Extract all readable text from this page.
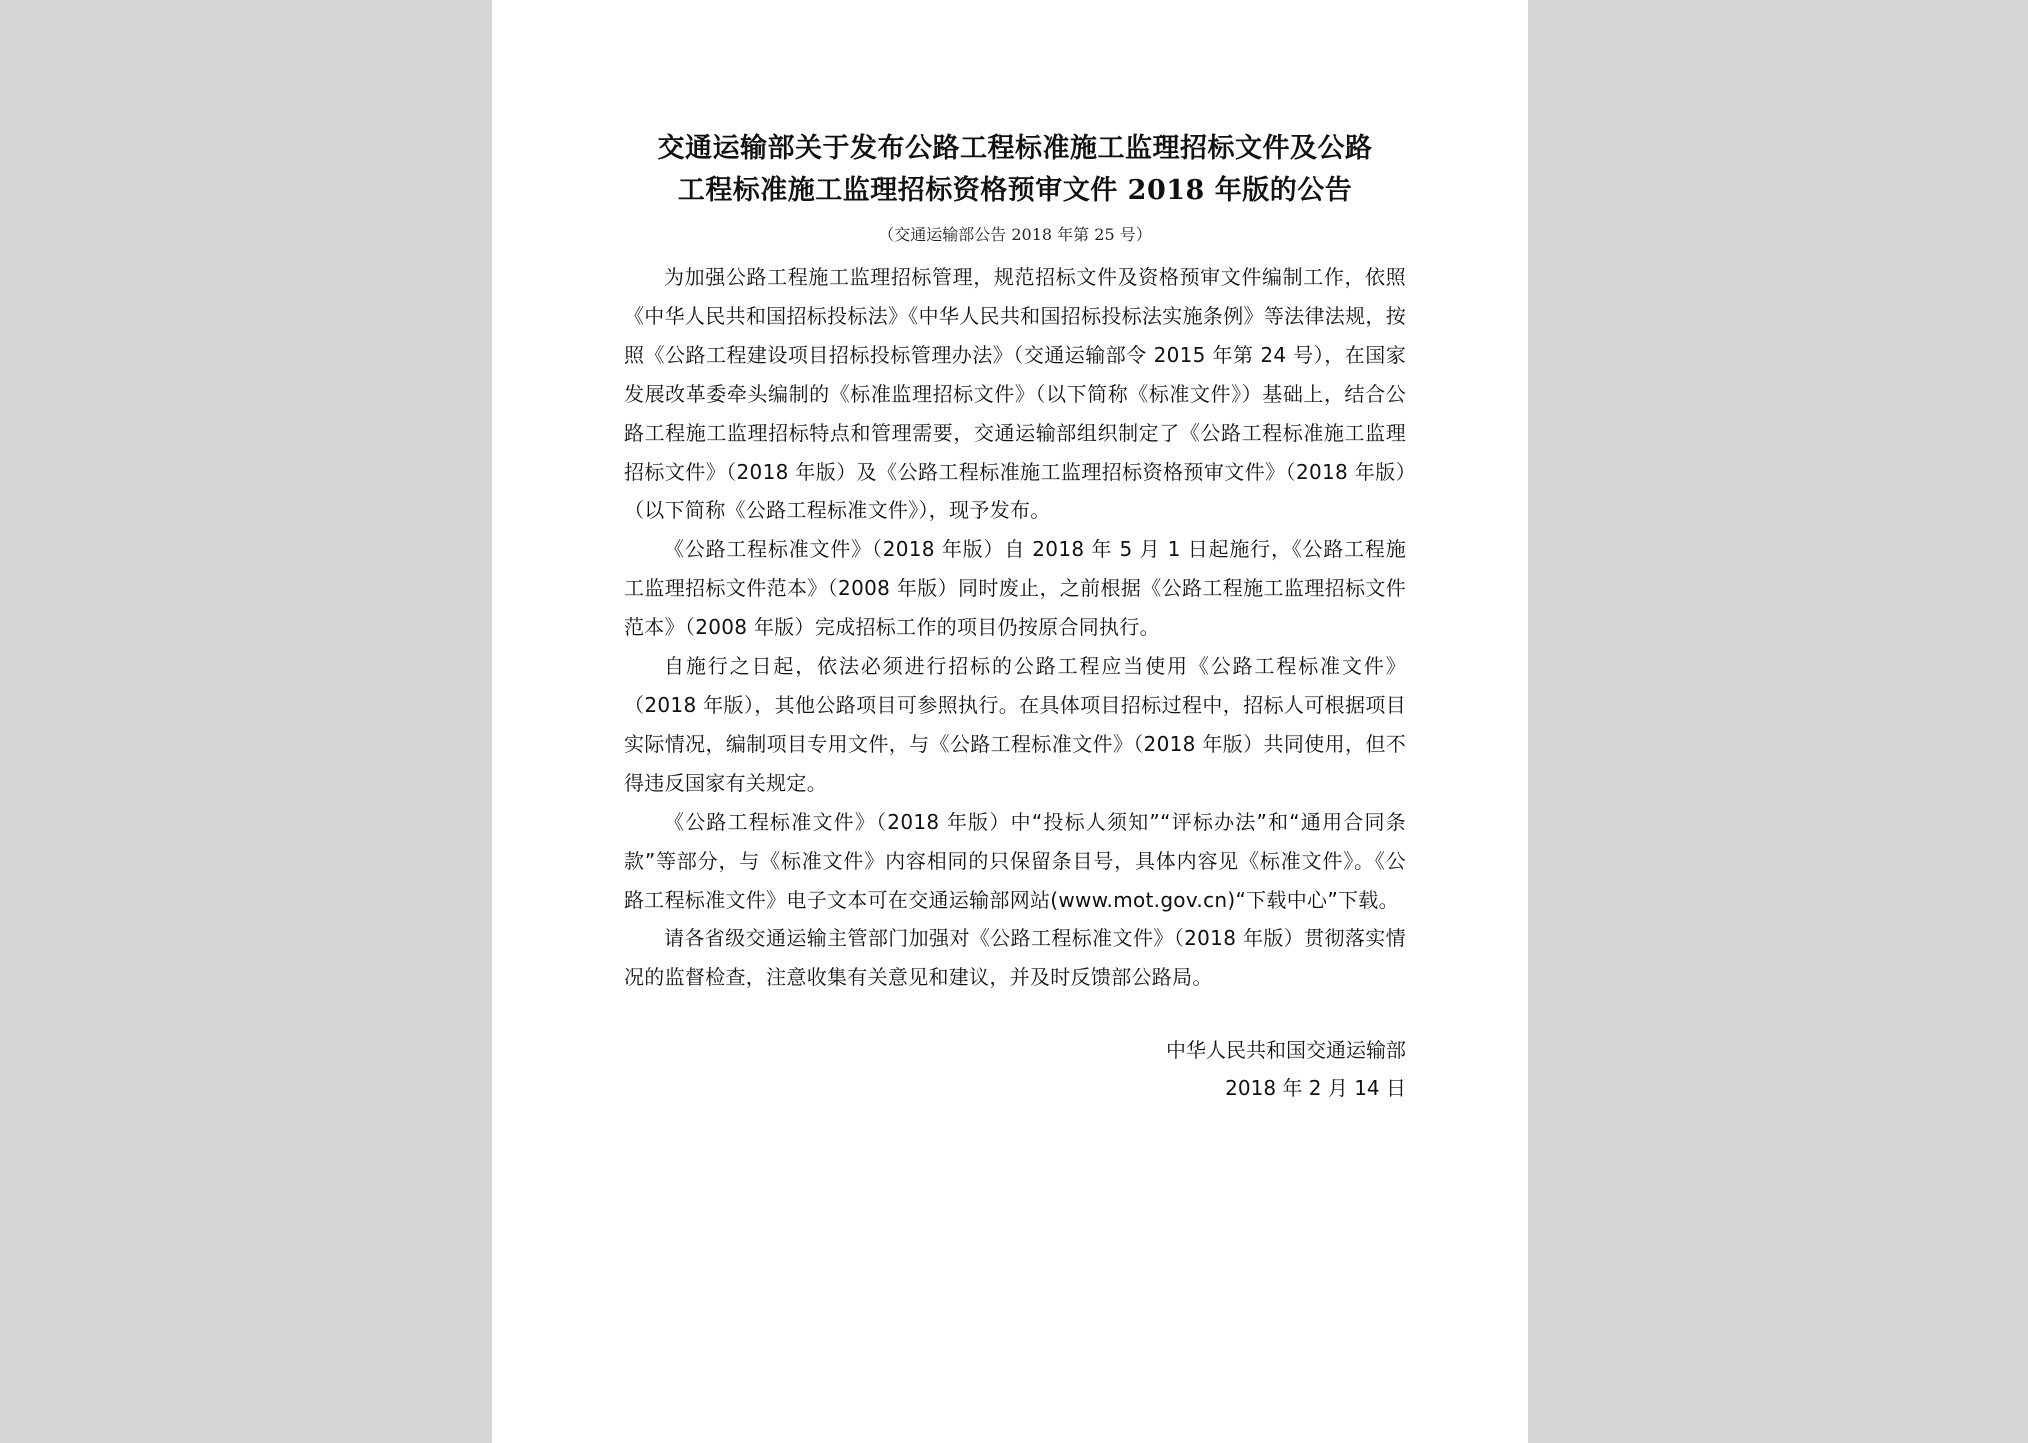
交通运输部关于发布公路工程标准施工监理招标文件及公路
工程标准施工监理招标资格预审文件 2018 年版的公告
（交通运输部公告 2018 年第 25 号）

为加强公路工程施工监理招标管理，规范招标文件及资格预审文件编制工作，依照《中华人民共和国招标投标法》《中华人民共和国招标投标法实施条例》等法律法规，按照《公路工程建设项目招标投标管理办法》（交通运输部令 2015 年第 24 号），在国家发展改革委牵头编制的《标准监理招标文件》（以下简称《标准文件》）基础上，结合公路工程施工监理招标特点和管理需要，交通运输部组织制定了《公路工程标准施工监理招标文件》（2018 年版）及《公路工程标准施工监理招标资格预审文件》（2018 年版）（以下简称《公路工程标准文件》），现予发布。

《公路工程标准文件》（2018 年版）自 2018 年 5 月 1 日起施行，《公路工程施工监理招标文件范本》（2008 年版）同时废止，之前根据《公路工程施工监理招标文件范本》（2008 年版）完成招标工作的项目仍按原合同执行。

自施行之日起，依法必须进行招标的公路工程应当使用《公路工程标准文件》（2018 年版），其他公路项目可参照执行。在具体项目招标过程中，招标人可根据项目实际情况，编制项目专用文件，与《公路工程标准文件》（2018 年版）共同使用，但不得违反国家有关规定。

《公路工程标准文件》（2018 年版）中“投标人须知”“评标办法”和“通用合同条款”等部分，与《标准文件》内容相同的只保留条目号，具体内容见《标准文件》。《公路工程标准文件》电子文本可在交通运输部网站(www.mot.gov.cn)“下载中心”下载。

请各省级交通运输主管部门加强对《公路工程标准文件》（2018 年版）贯彻落实情况的监督检查，注意收集有关意见和建议，并及时反馈部公路局。

中华人民共和国交通运输部
2018 年 2 月 14 日
